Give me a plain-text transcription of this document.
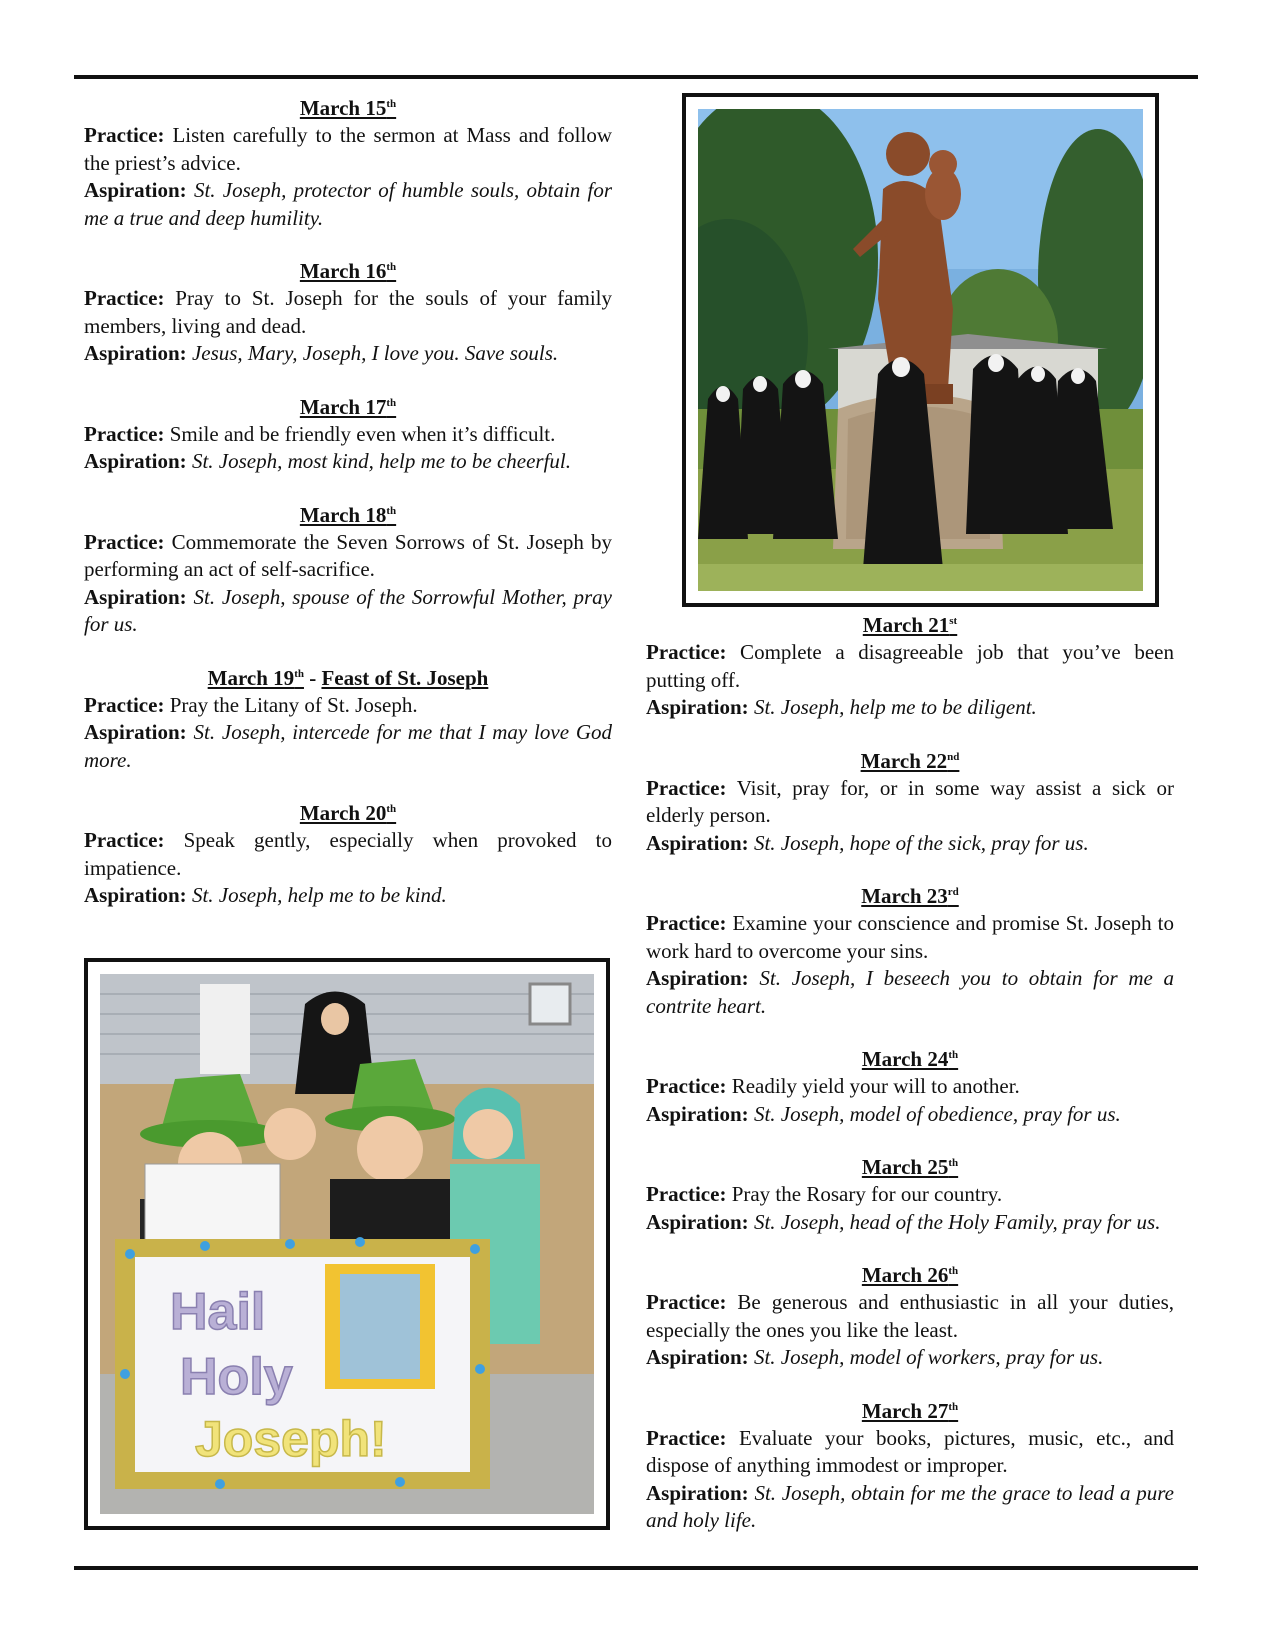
March 15th

Practice: Listen carefully to the sermon at Mass and follow the priest’s advice.

Aspiration: St. Joseph, protector of humble souls, obtain for me a true and deep humility.

March 16th

Practice: Pray to St. Joseph for the souls of your family members, living and dead.

Aspiration: Jesus, Mary, Joseph, I love you. Save souls.

March 17th

Practice: Smile and be friendly even when it’s difficult.

Aspiration: St. Joseph, most kind, help me to be cheerful.

March 18th

Practice: Commemorate the Seven Sorrows of St. Joseph by performing an act of self-sacrifice.

Aspiration: St. Joseph, spouse of the Sorrowful Mother, pray for us.

March 19th - Feast of St. Joseph

Practice: Pray the Litany of St. Joseph.

Aspiration: St. Joseph, intercede for me that I may love God more.

March 20th

Practice: Speak gently, especially when provoked to impatience.

Aspiration: St. Joseph, help me to be kind.

March 21st

Practice: Complete a disagreeable job that you’ve been putting off.

Aspiration: St. Joseph, help me to be diligent.

March 22nd

Practice: Visit, pray for, or in some way assist a sick or elderly person.

Aspiration: St. Joseph, hope of the sick, pray for us.

March 23rd

Practice: Examine your conscience and promise St. Joseph to work hard to overcome your sins.

Aspiration: St. Joseph, I beseech you to obtain for me a contrite heart.

March 24th

Practice: Readily yield your will to another.

Aspiration: St. Joseph, model of obedience, pray for us.

March 25th

Practice: Pray the Rosary for our country.

Aspiration: St. Joseph, head of the Holy Family, pray for us.

March 26th

Practice: Be generous and enthusiastic in all your duties, especially the ones you like the least.

Aspiration: St. Joseph, model of workers, pray for us.

March 27th

Practice: Evaluate your books, pictures, music, etc., and dispose of anything immodest or improper.

Aspiration: St. Joseph, obtain for me the grace to lead a pure and holy life.

Hail
Holy
Joseph!
